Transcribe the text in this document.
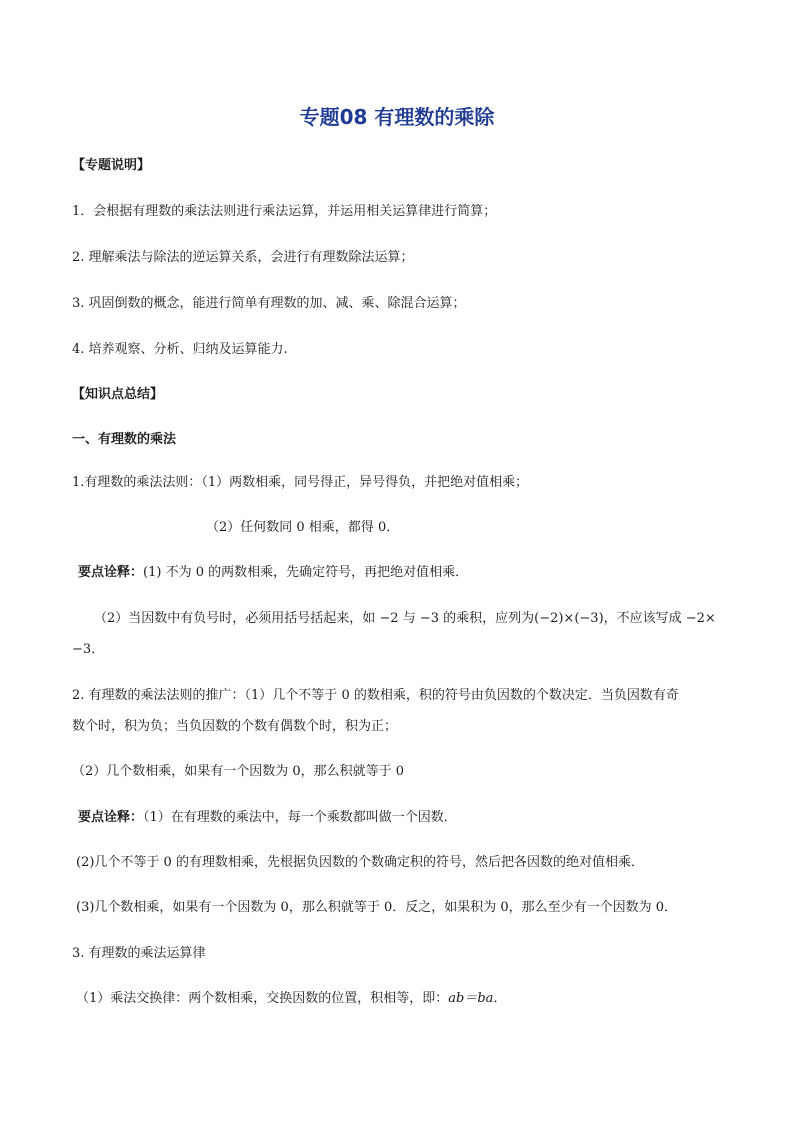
专题08 有理数的乘除
【专题说明】
1．会根据有理数的乘法法则进行乘法运算，并运用相关运算律进行简算；
2. 理解乘法与除法的逆运算关系，会进行有理数除法运算；
3. 巩固倒数的概念，能进行简单有理数的加、减、乘、除混合运算；
4. 培养观察、分析、归纳及运算能力.
【知识点总结】
一、有理数的乘法
1.有理数的乘法法则：（1）两数相乘，同号得正，异号得负，并把绝对值相乘；
（2）任何数同 0 相乘，都得 0．
要点诠释：(1) 不为 0 的两数相乘，先确定符号，再把绝对值相乘．
（2）当因数中有负号时，必须用括号括起来，如 −2 与 −3 的乘积，应列为(−2)×(−3)，不应该写成 −2×
−3．
2. 有理数的乘法法则的推广：（1）几个不等于 0 的数相乘，积的符号由负因数的个数决定．当负因数有奇
数个时，积为负；当负因数的个数有偶数个时，积为正；
（2）几个数相乘，如果有一个因数为 0，那么积就等于 0
要点诠释：（1）在有理数的乘法中，每一个乘数都叫做一个因数．
(2)几个不等于 0 的有理数相乘，先根据负因数的个数确定积的符号，然后把各因数的绝对值相乘．
(3)几个数相乘，如果有一个因数为 0，那么积就等于 0．反之，如果积为 0，那么至少有一个因数为 0．
3. 有理数的乘法运算律
（1）乘法交换律：两个数相乘，交换因数的位置，积相等，即：ab＝ba．
